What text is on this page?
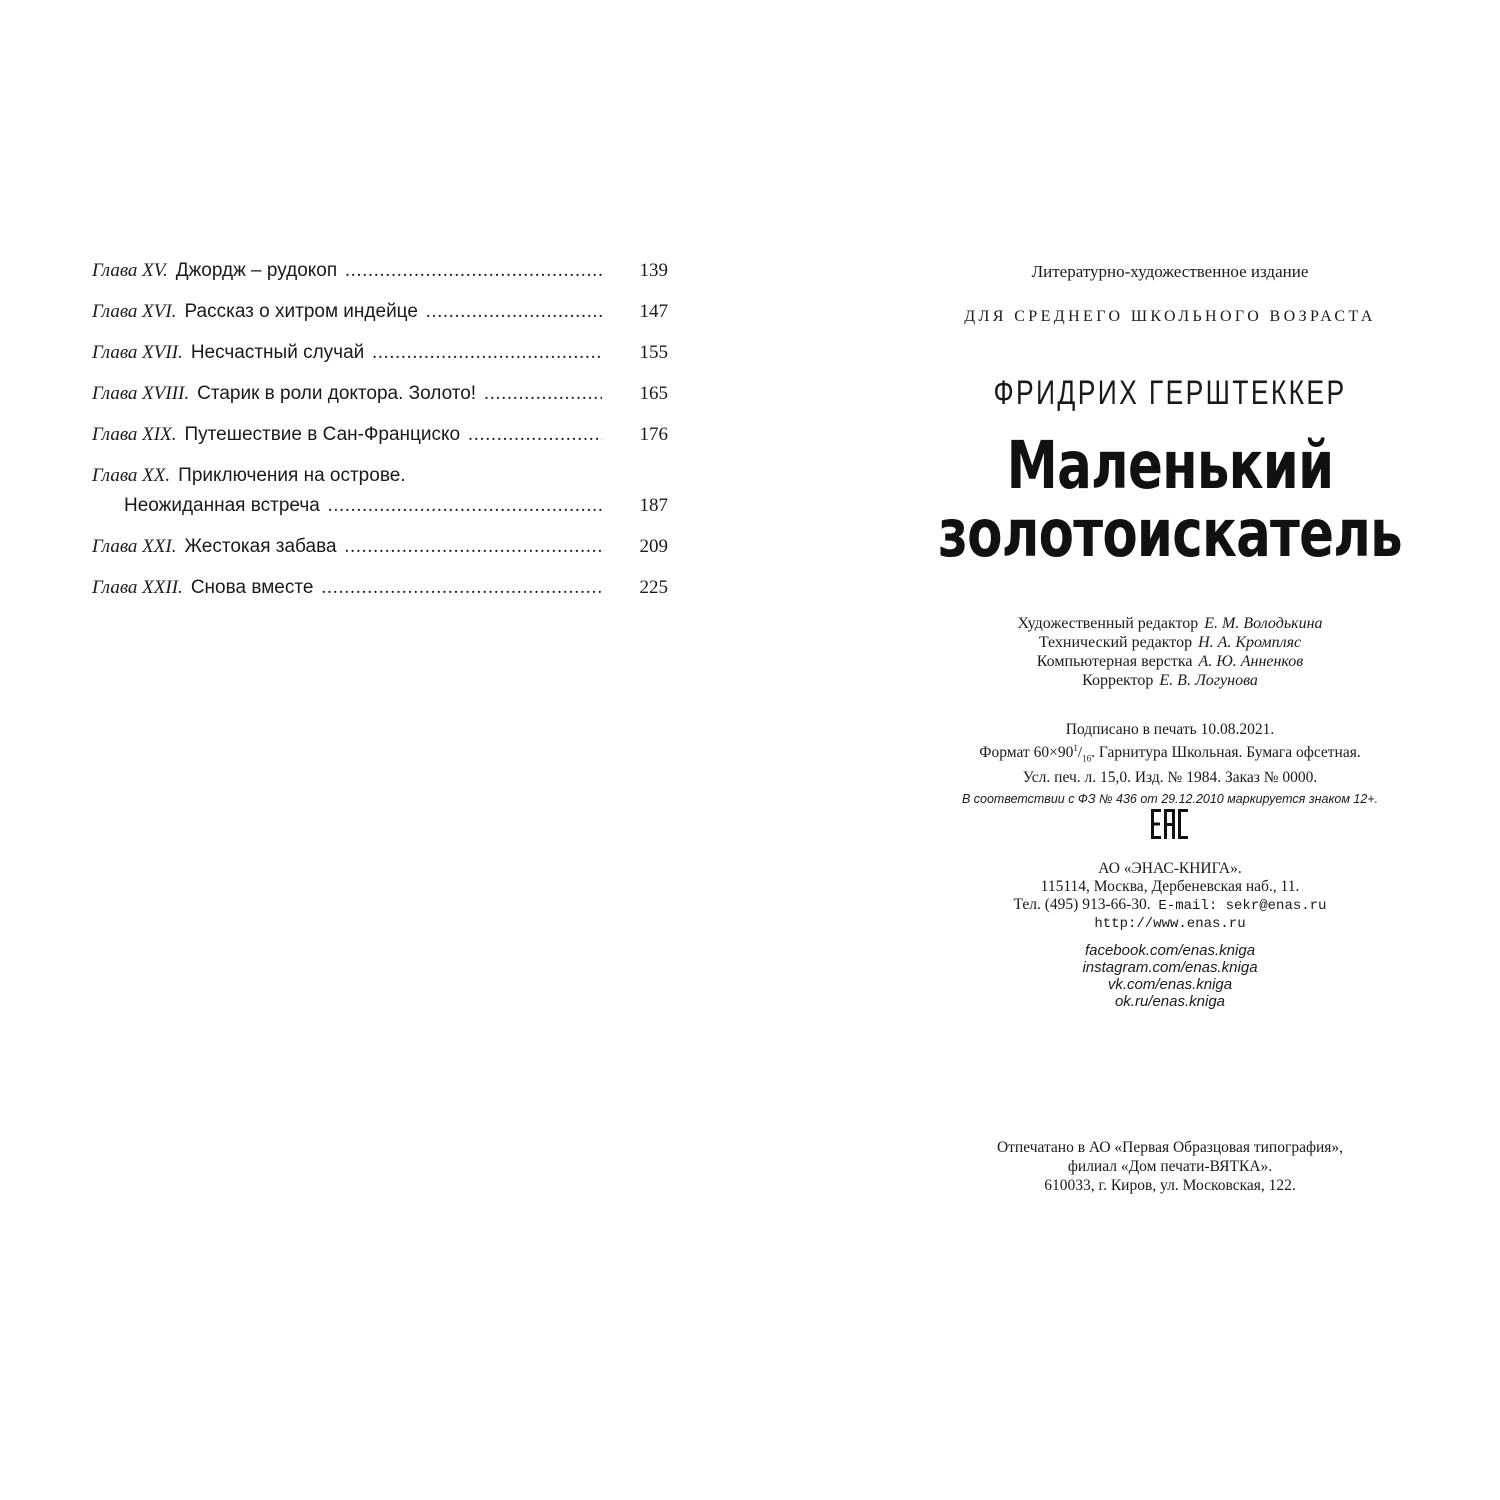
Глава XV. Джордж – рудокоп .....	139
Глава XVI. Рассказ о хитром индейце .....	147
Глава XVII. Несчастный случай .....	155
Глава XVIII. Старик в роли доктора. Золото! .....	165
Глава XIX. Путешествие в Сан-Франциско .....	176
Глава XX. Приключения на острове.
Неожиданная встреча .....	187
Глава XXI. Жестокая забава .....	209
Глава XXII. Снова вместе .....	225
Литературно-художественное издание
ДЛЯ СРЕДНЕГО ШКОЛЬНОГО ВОЗРАСТА
ФРИДРИХ ГЕРШТЕККЕР
Маленький
золотоискатель
Художественный редактор Е. М. Володькина
Технический редактор Н. А. Кромпляс
Компьютерная верстка А. Ю. Анненков
Корректор Е. В. Логунова
Подписано в печать 10.08.2021.
Формат $60\times 90^1/_{16}$. Гарнитура Школьная. Бумага офсетная.
Усл. печ. л. 15,0. Изд. № 1984. Заказ № 0000.
В соответствии с ФЗ № 436 от 29.12.2010 маркируется знаком 12+.
АО «ЭНАС-КНИГА».
115114, Москва, Дербеневская наб., 11.
Тел. (495) 913-66-30. E-mail: sekr@enas.ru
http://www.enas.ru
facebook.com/enas.kniga
instagram.com/enas.kniga
vk.com/enas.kniga
ok.ru/enas.kniga
Отпечатано в АО «Первая Образцовая типография»,
филиал «Дом печати-ВЯТКА».
610033, г. Киров, ул. Московская, 122.
